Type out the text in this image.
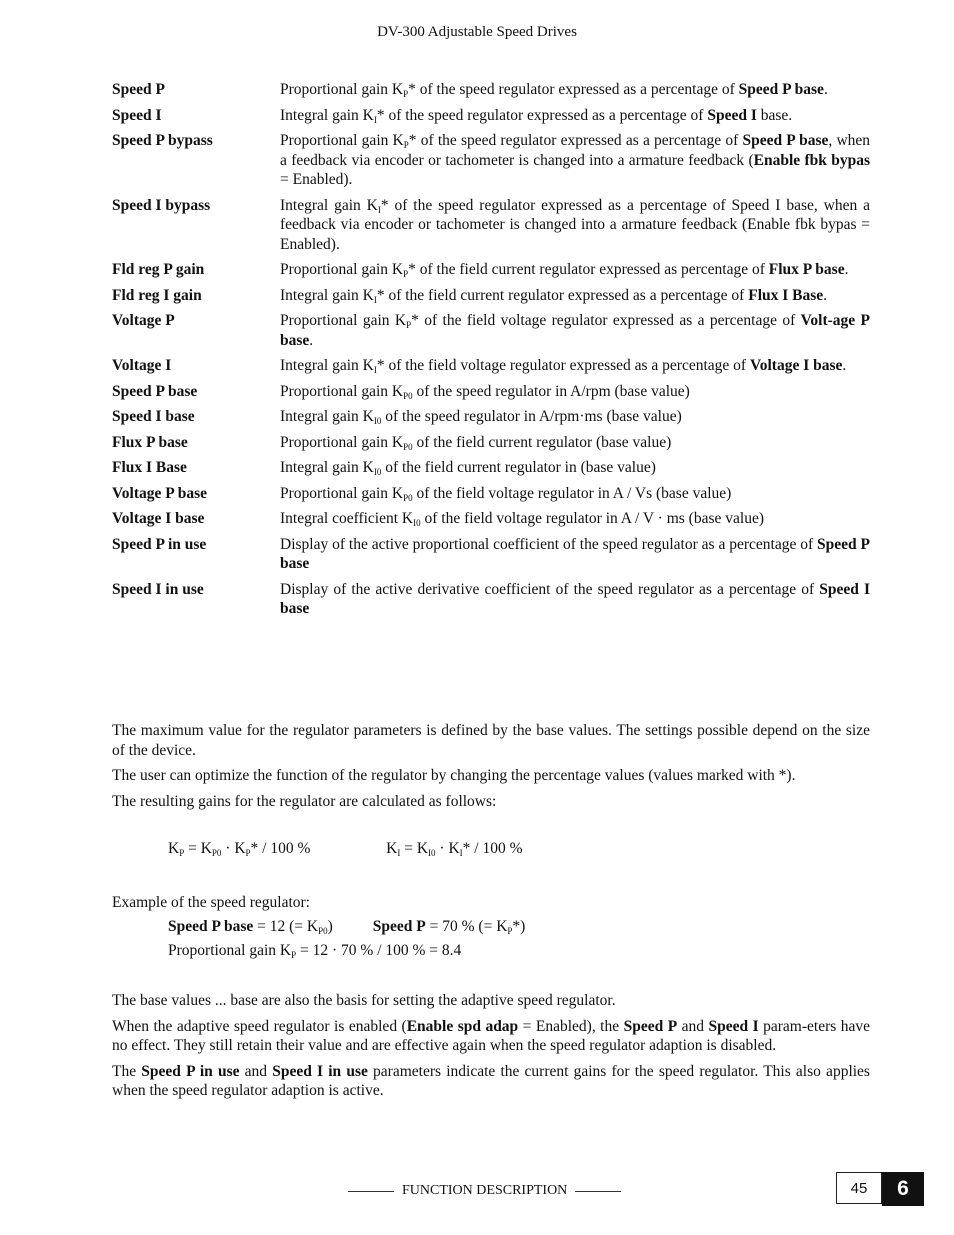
DV-300 Adjustable Speed Drives
Speed P	Proportional gain $K_P*$ of the speed regulator expressed as a percentage of Speed P base.
Speed I	Integral gain $K_I*$ of the speed regulator expressed as a percentage of Speed I base.
Speed P bypass	Proportional gain $K_P*$ of the speed regulator expressed as a percentage of Speed P base, when a feedback via encoder or tachometer is changed into a armature feedback (Enable fbk bypas = Enabled).
Speed I bypass	Integral gain $K_I*$ of the speed regulator expressed as a percentage of Speed I base, when a feedback via encoder or tachometer is changed into a armature feedback (Enable fbk bypas = Enabled).
Fld reg P gain	Proportional gain $K_P*$ of the field current regulator expressed as percentage of Flux P base.
Fld reg I gain	Integral gain $K_I*$ of the field current regulator expressed as a percentage of Flux I Base.
Voltage P	Proportional gain $K_P*$ of the field voltage regulator expressed as a percentage of Volt-age P base.
Voltage I	Integral gain $K_I*$ of the field voltage regulator expressed as a percentage of Voltage I base.
Speed P base	Proportional gain $K_{P0}$ of the speed regulator in A/rpm (base value)
Speed I base	Integral gain $K_{I0}$ of the speed regulator in A/rpm·ms (base value)
Flux P base	Proportional gain $K_{P0}$ of the field current regulator (base value)
Flux I Base	Integral gain $K_{I0}$ of the field current regulator in (base value)
Voltage P base	Proportional gain $K_{P0}$ of the field voltage regulator in A / Vs (base value)
Voltage I base	Integral coefficient $K_{I0}$ of the field voltage regulator in A / V · ms (base value)
Speed P in use	Display of the active proportional coefficient of the speed regulator as a percentage of Speed P base
Speed I in use	Display of the active derivative coefficient of the speed regulator as a percentage of Speed I base

The maximum value for the regulator parameters is defined by the base values. The settings possible depend on the size of the device.

The user can optimize the function of the regulator by changing the percentage values (values marked with *).

The resulting gains for the regulator are calculated as follows:

$K_P = K_{P0} \cdot K_P* / 100$ %	$K_I = K_{I0} \cdot K_I* / 100$ %
Example of the speed regulator:
Speed P base = 12 (= $K_{P0}$)	Speed P = 70 % (= $K_P*$)
Proportional gain $K_P = 12 \cdot 70$ % / 100 % = 8.4

The base values ... base are also the basis for setting the adaptive speed regulator.

When the adaptive speed regulator is enabled (Enable spd adap = Enabled), the Speed P and Speed I param-eters have no effect. They still retain their value and are effective again when the speed regulator adaption is disabled.

The Speed P in use and Speed I in use parameters indicate the current gains for the speed regulator. This also applies when the speed regulator adaption is active.

FUNCTION DESCRIPTION	45	6
